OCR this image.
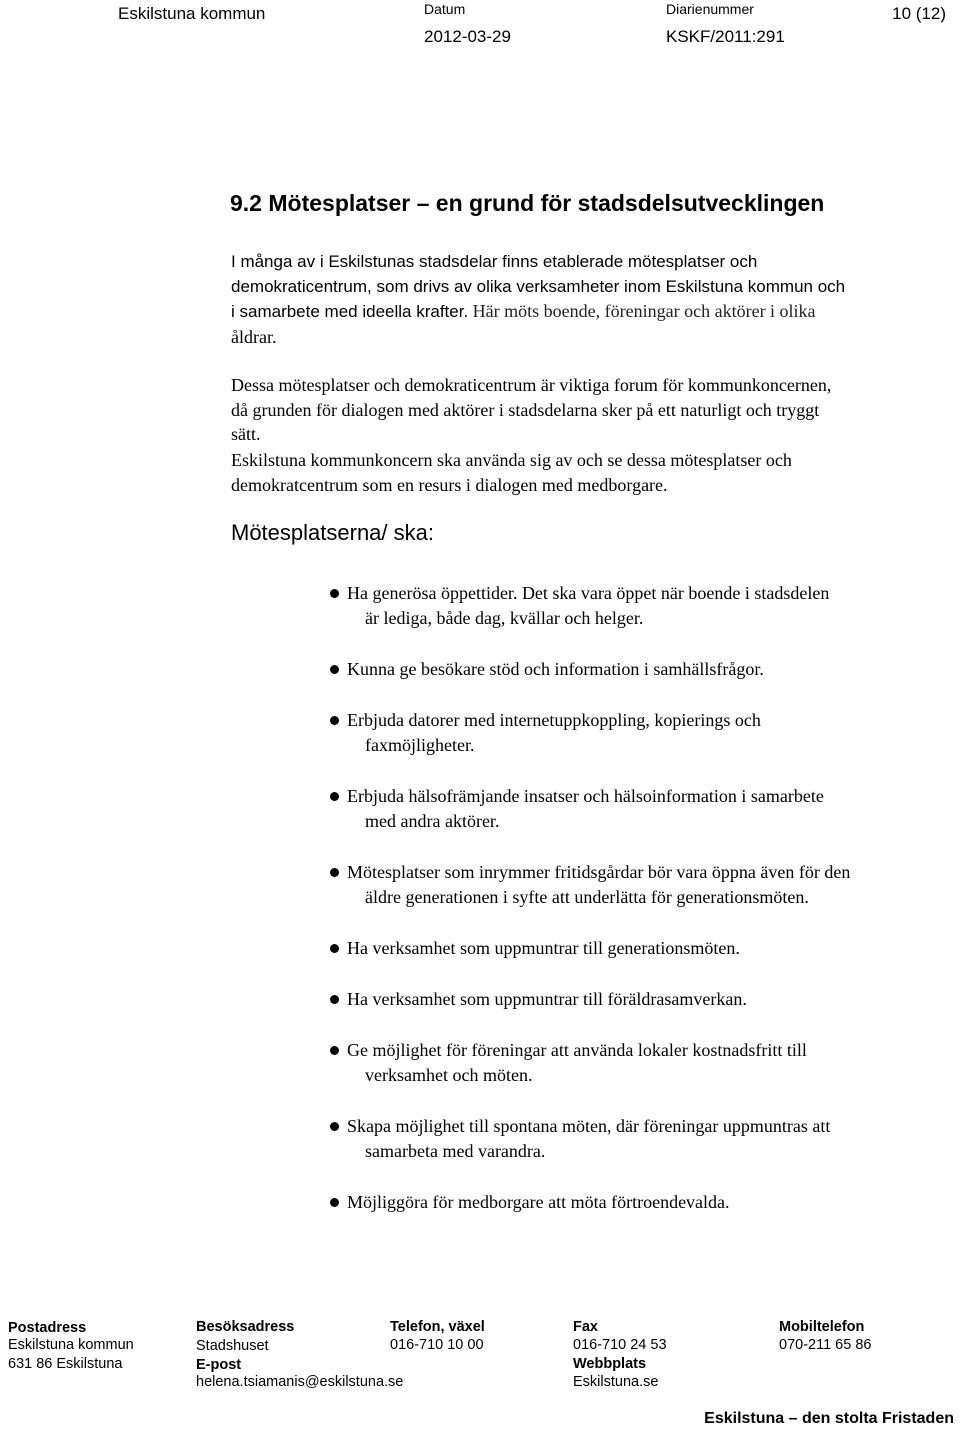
Eskilstuna kommun	Datum
2012-03-29
Diarienummer
KSKF/2011:291
10 (12)
9.2 Mötesplatser – en grund för stadsdelsutvecklingen
I många av i Eskilstunas stadsdelar finns etablerade mötesplatser och
demokraticentrum, som drivs av olika verksamheter inom Eskilstuna kommun och
i samarbete med ideella krafter. Här möts boende, föreningar och aktörer i olika
åldrar.
Dessa mötesplatser och demokraticentrum är viktiga forum för kommunkoncernen,
då grunden för dialogen med aktörer i stadsdelarna sker på ett naturligt och tryggt
sätt.
Eskilstuna kommunkoncern ska använda sig av och se dessa mötesplatser och
demokratcentrum som en resurs i dialogen med medborgare.
Mötesplatserna/ ska:
Ha generösa öppettider. Det ska vara öppet när boende i stadsdelen
är lediga, både dag, kvällar och helger.
Kunna ge besökare stöd och information i samhällsfrågor.
Erbjuda datorer med internetuppkoppling, kopierings och
faxmöjligheter.
Erbjuda hälsofrämjande insatser och hälsoinformation i samarbete
med andra aktörer.
Mötesplatser som inrymmer fritidsgårdar bör vara öppna även för den
äldre generationen i syfte att underlätta för generationsmöten.
Ha verksamhet som uppmuntrar till generationsmöten.
Ha verksamhet som uppmuntrar till föräldrasamverkan.
Ge möjlighet för föreningar att använda lokaler kostnadsfritt till
verksamhet och möten.
Skapa möjlighet till spontana möten, där föreningar uppmuntras att
samarbeta med varandra.
Möjliggöra för medborgare att möta förtroendevalda.
Postadress
Eskilstuna kommun
631 86 Eskilstuna
Besöksadress
Stadshuset
E-post
helena.tsiamanis@eskilstuna.se
Telefon, växel
016-710 10 00
Fax
016-710 24 53
Webbplats
Eskilstuna.se
Mobiltelefon
070-211 65 86
Eskilstuna – den stolta Fristaden
